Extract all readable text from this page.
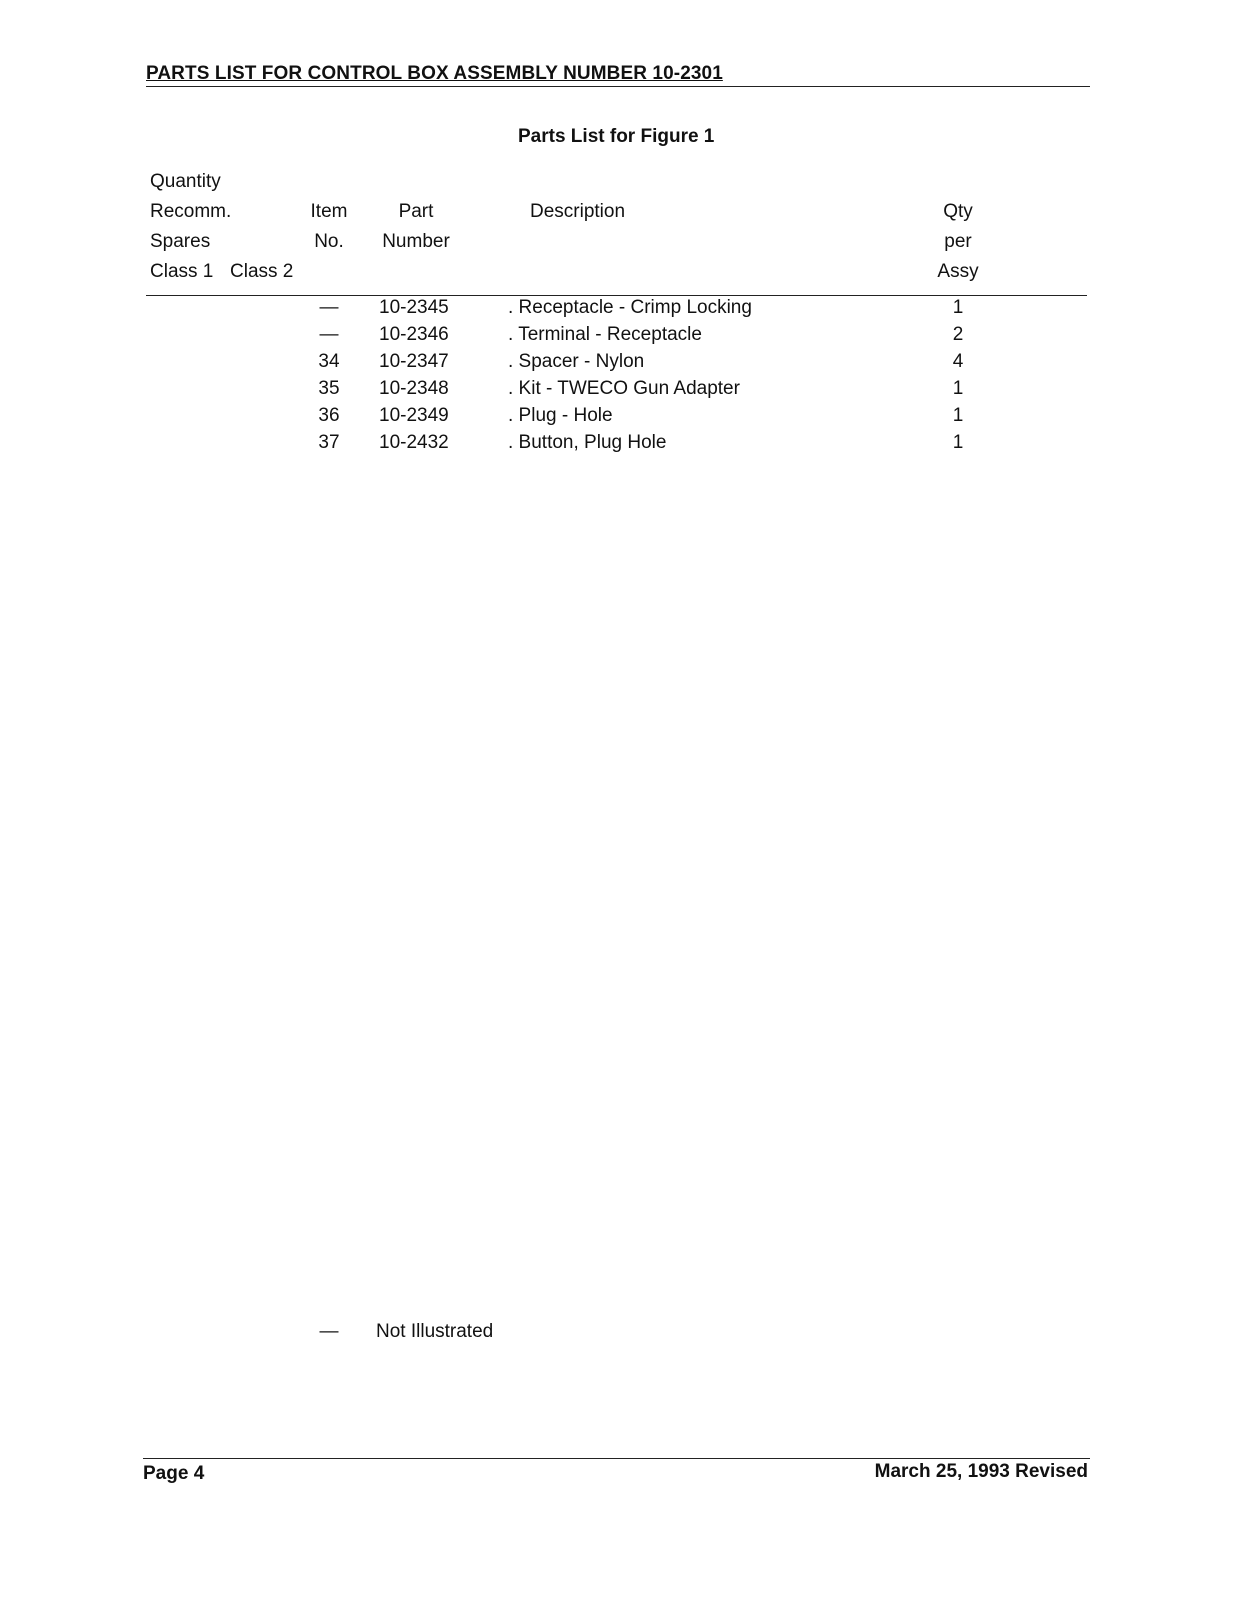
PARTS LIST FOR CONTROL BOX ASSEMBLY NUMBER 10-2301
Parts List for Figure 1
Quantity
Recomm.
Spares
Class 1 Class 2
Item
No.
Part
Number
Description	Qty
per
Assy
—	10-2345	. Receptacle - Crimp Locking	1
—	10-2346	. Terminal - Receptacle	2
34	10-2347	. Spacer - Nylon	4
35	10-2348	. Kit - TWECO Gun Adapter	1
36	10-2349	. Plug - Hole	1
37	10-2432	. Button, Plug Hole	1
—	Not Illustrated
Page 4	March 25, 1993 Revised
